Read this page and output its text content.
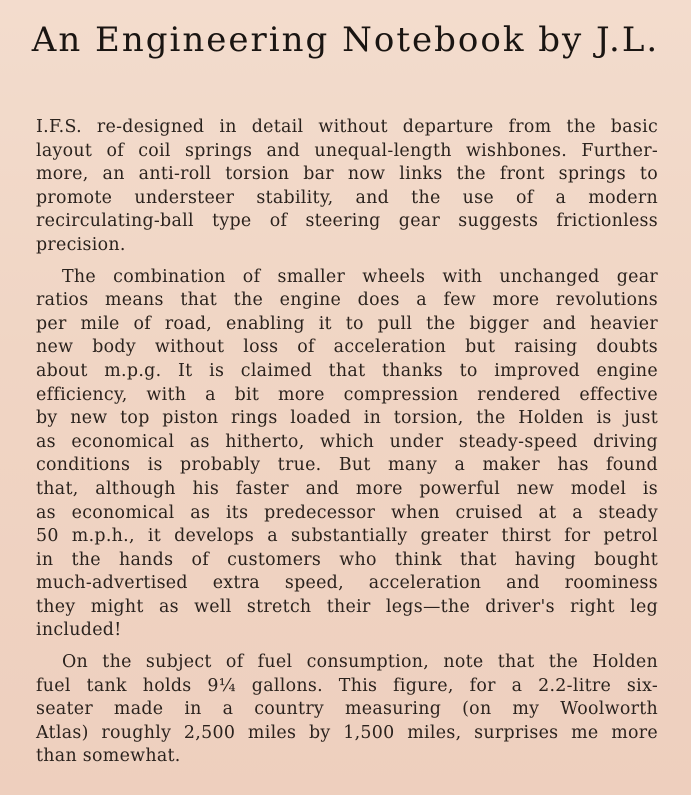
An Engineering Notebook by J.L.

I.F.S. re-designed in detail without departure from the basic
layout of coil springs and unequal-length wishbones. Further-
more, an anti-roll torsion bar now links the front springs to
promote understeer stability, and the use of a modern
recirculating-ball type of steering gear suggests frictionless
precision.

The combination of smaller wheels with unchanged gear
ratios means that the engine does a few more revolutions
per mile of road, enabling it to pull the bigger and heavier
new body without loss of acceleration but raising doubts
about m.p.g. It is claimed that thanks to improved engine
efficiency, with a bit more compression rendered effective
by new top piston rings loaded in torsion, the Holden is just
as economical as hitherto, which under steady-speed driving
conditions is probably true. But many a maker has found
that, although his faster and more powerful new model is
as economical as its predecessor when cruised at a steady
50 m.p.h., it develops a substantially greater thirst for petrol
in the hands of customers who think that having bought
much-advertised extra speed, acceleration and roominess
they might as well stretch their legs—the driver's right leg
included!

On the subject of fuel consumption, note that the Holden
fuel tank holds 9¼ gallons. This figure, for a 2.2-litre six-
seater made in a country measuring (on my Woolworth
Atlas) roughly 2,500 miles by 1,500 miles, surprises me more
than somewhat.
